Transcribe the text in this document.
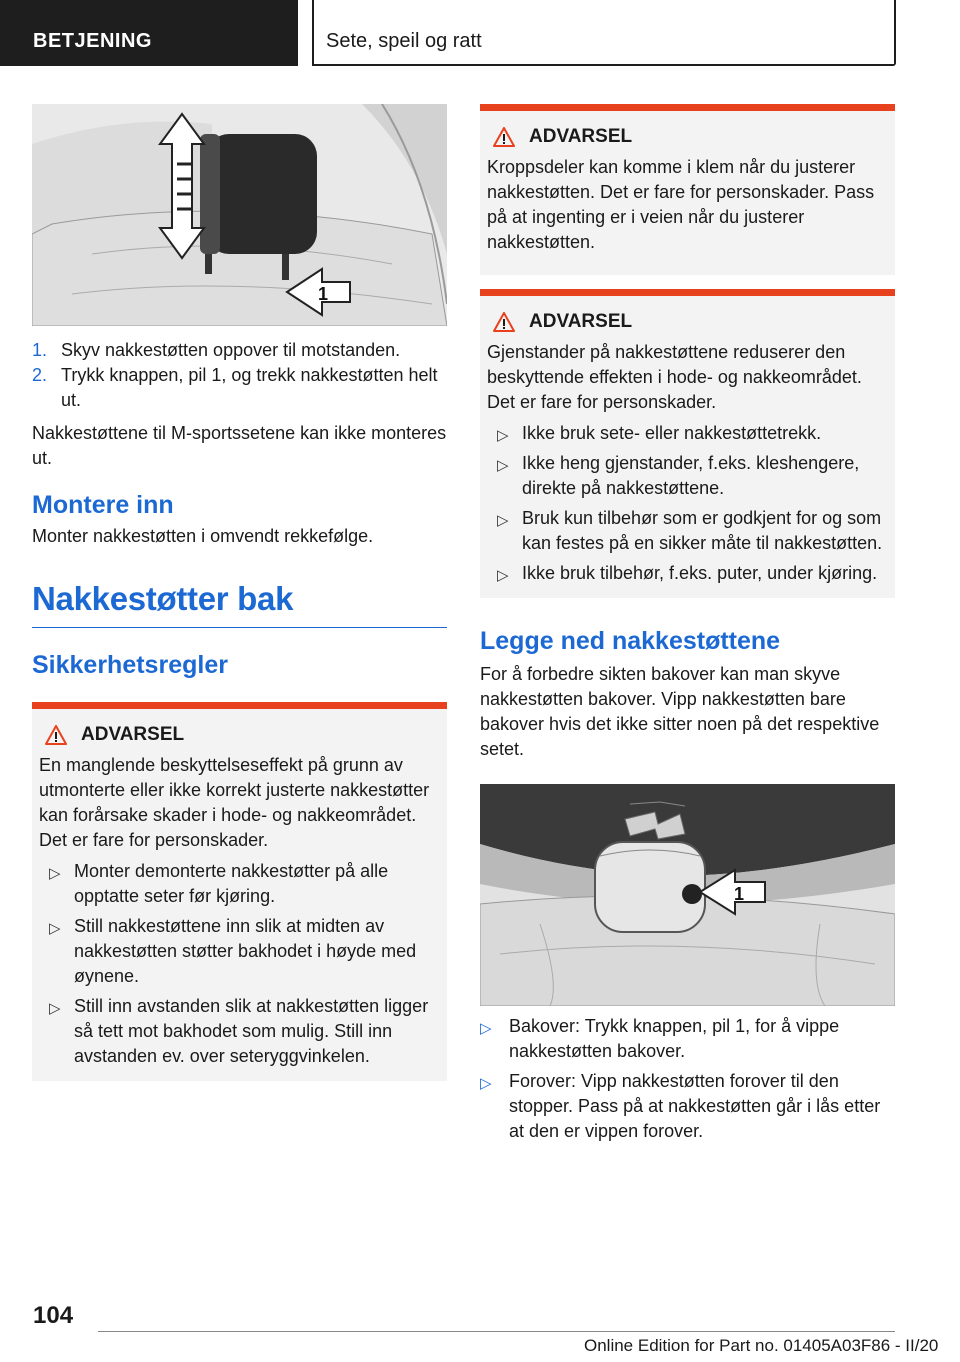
BETJENING	Sete, speil og ratt
1
1. Skyv nakkestøtten oppover til motstanden.
2. Trykk knappen, pil 1, og trekk nakkestøtten helt ut.

Nakkestøttene til M-sportssetene kan ikke monteres ut.

Montere inn

Monter nakkestøtten i omvendt rekkefølge.

Nakkestøtter bak
Sikkerhetsregler
ADVARSEL

En manglende beskyttelseseffekt på grunn av utmonterte eller ikke korrekt justerte nakkestøtter kan forårsake skader i hode- og nakkeområdet. Det er fare for personskader.

▷ Monter demonterte nakkestøtter på alle opptatte seter før kjøring.
▷ Still nakkestøttene inn slik at midten av nakkestøtten støtter bakhodet i høyde med øynene.
▷ Still inn avstanden slik at nakkestøtten ligger så tett mot bakhodet som mulig. Still inn avstanden ev. over seteryggvinkelen.
ADVARSEL

Kroppsdeler kan komme i klem når du justerer nakkestøtten. Det er fare for personskader. Pass på at ingenting er i veien når du justerer nakkestøtten.

ADVARSEL

Gjenstander på nakkestøttene reduserer den beskyttende effekten i hode- og nakkeområdet. Det er fare for personskader.

▷ Ikke bruk sete- eller nakkestøttetrekk.
▷ Ikke heng gjenstander, f.eks. kleshengere, direkte på nakkestøttene.
▷ Bruk kun tilbehør som er godkjent for og som kan festes på en sikker måte til nakkestøtten.
▷ Ikke bruk tilbehør, f.eks. puter, under kjøring.
Legge ned nakkestøttene

For å forbedre sikten bakover kan man skyve nakkestøtten bakover. Vipp nakkestøtten bare bakover hvis det ikke sitter noen på det respektive setet.

1
▷ Bakover: Trykk knappen, pil 1, for å vippe nakkestøtten bakover.
▷ Forover: Vipp nakkestøtten forover til den stopper. Pass på at nakkestøtten går i lås etter at den er vippen forover.
104
Online Edition for Part no. 01405A03F86 - II/20
